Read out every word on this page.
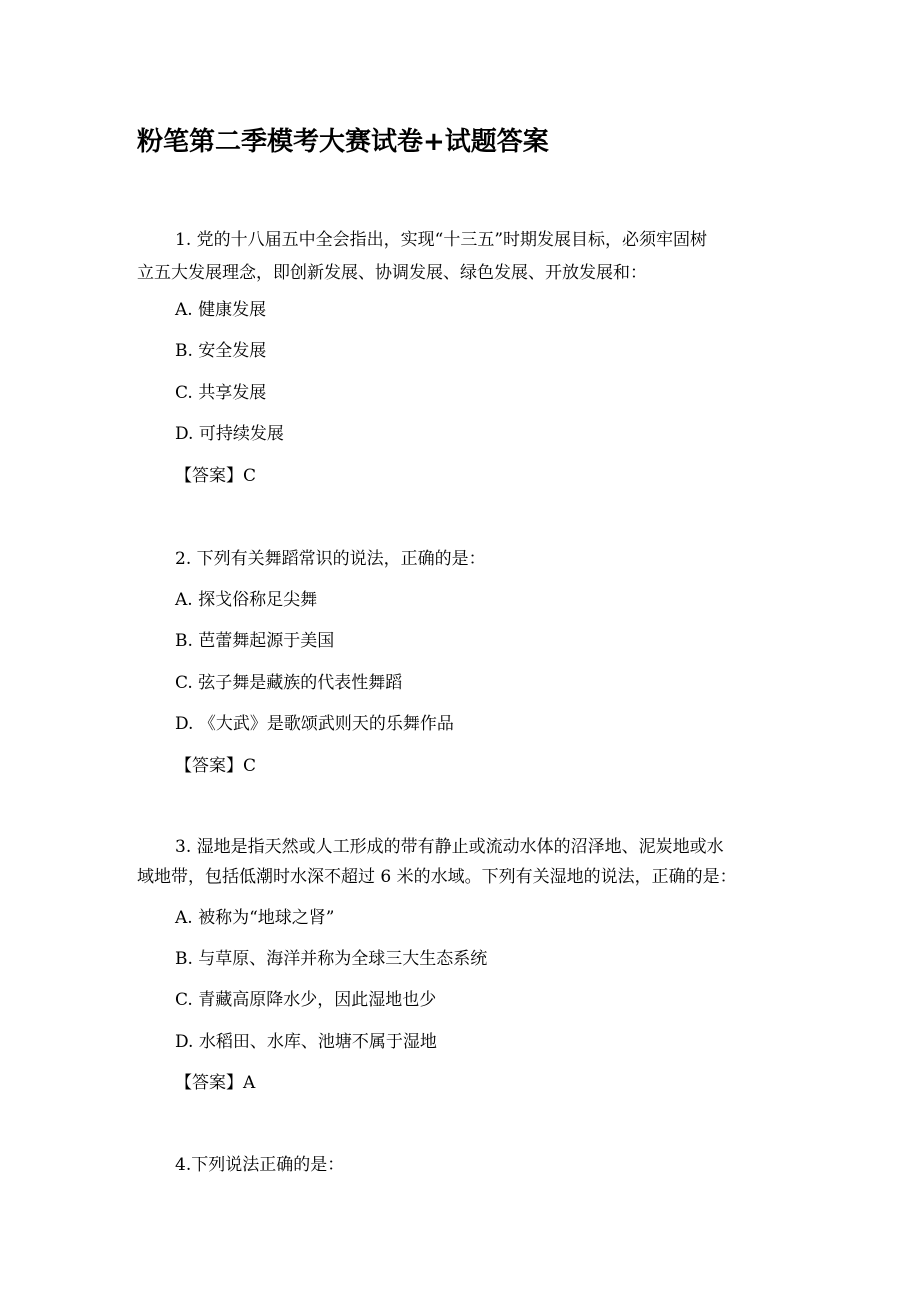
粉笔第二季模考大赛试卷+试题答案
1. 党的十八届五中全会指出，实现“十三五”时期发展目标，必须牢固树
立五大发展理念，即创新发展、协调发展、绿色发展、开放发展和：
A. 健康发展
B. 安全发展
C. 共享发展
D. 可持续发展
【答案】C
2. 下列有关舞蹈常识的说法，正确的是：
A. 探戈俗称足尖舞
B. 芭蕾舞起源于美国
C. 弦子舞是藏族的代表性舞蹈
D. 《大武》是歌颂武则天的乐舞作品
【答案】C
3. 湿地是指天然或人工形成的带有静止或流动水体的沼泽地、泥炭地或水
域地带，包括低潮时水深不超过 6 米的水域。下列有关湿地的说法，正确的是：
A. 被称为“地球之肾”
B. 与草原、海洋并称为全球三大生态系统
C. 青藏高原降水少，因此湿地也少
D. 水稻田、水库、池塘不属于湿地
【答案】A
4.下列说法正确的是：
